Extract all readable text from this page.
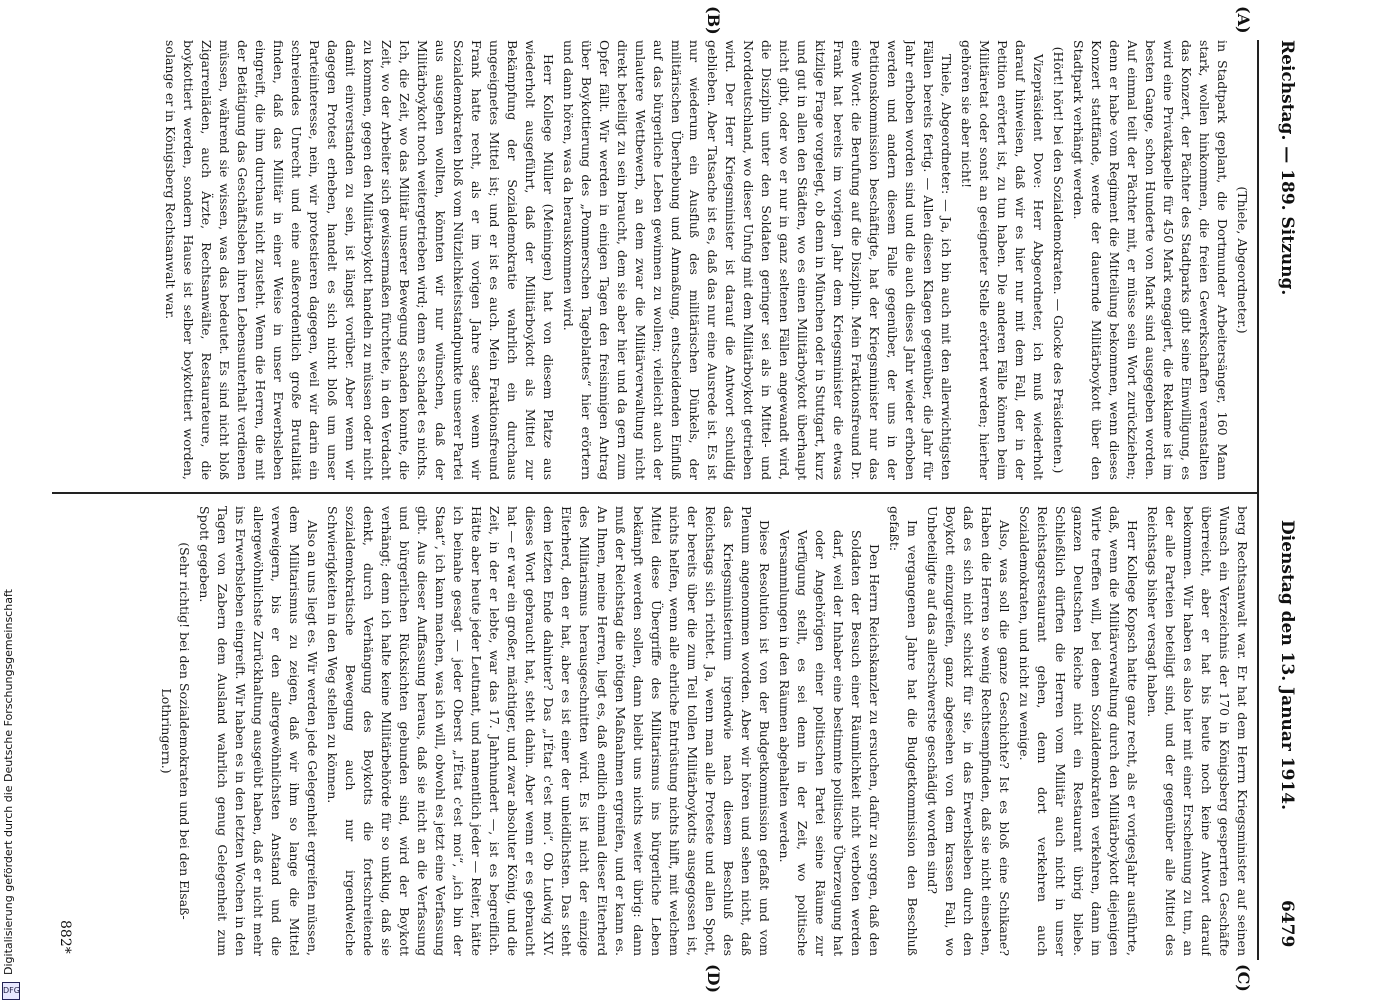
Reichstag. — 189. Sitzung.
Dienstag den 13. Januar 1914.
6479
(A)
(B)
(C)
(D)

(Thiele, Abgeordneter.)

in Stadtpark geplant, die Dortmunder Arbeitersänger, 160 Mann stark, wollen hinkommen, die freien Gewerkschaften veranstalten das Konzert, der Pächter des Stadtparks gibt seine Einwilligung, es wird eine Privatkapelle für 450 Mark engagiert, die Reklame ist im besten Gange, schon Hunderte von Mark sind ausgegeben worden. Auf einmal teilt der Pächter mit, er müsse sein Wort zurückziehen; denn er habe vom Regiment die Mitteilung bekommen, wenn dieses Konzert stattfände, werde der dauernde Militärboykott über den Stadtpark verhängt werden.

(Hört! hört! bei den Sozialdemokraten. — Glocke des Präsidenten.)

Vizepräsident Dove: Herr Abgeordneter, ich muß wiederholt darauf hinweisen, daß wir es hier nur mit dem Fall, der in der Petition erörtert ist, zu tun haben. Die anderen Fälle können beim Militäretat oder sonst an geeigneter Stelle erörtert werden; hierher gehören sie aber nicht!

Thiele, Abgeordneter: — Ja, ich bin auch mit den allerwichtigsten Fällen bereits fertig. — Allen diesen Klagen gegenüber, die Jahr für Jahr erhoben worden sind und die auch dieses Jahr wieder erhoben werden und andern diesem Falle gegenüber, der uns in der Petitionskommission beschäftigte, hat der Kriegsminister nur das eine Wort: die Berufung auf die Disziplin. Mein Fraktionsfreund Dr. Frank hat bereits im vorigen Jahr dem Kriegsminister die etwas kitzlige Frage vorgelegt, ob denn in München oder in Stuttgart, kurz und gut in allen den Städten, wo es einen Militärboykott überhaupt nicht gibt, oder wo er nur in ganz seltenen Fällen angewandt wird, die Disziplin unter den Soldaten geringer sei als in Mittel- und Norddeutschland, wo dieser Unfug mit dem Militärboykott getrieben wird. Der Herr Kriegsminister ist darauf die Antwort schuldig geblieben. Aber Tatsache ist es, daß das nur eine Ausrede ist. Es ist nur wiederum ein Ausfluß des militärischen Dünkels, der militärischen Überhebung und Anmaßung, entscheidenden Einfluß auf das bürgerliche Leben gewinnen zu wollen; vielleicht auch der unlautere Wettbewerb, an dem zwar die Militärverwaltung nicht direkt beteiligt zu sein braucht, dem sie aber hier und da gern zum Opfer fällt. Wir werden in einigen Tagen den freisinnigen Antrag über Boykottierung des „Pommerschen Tageblattes“ hier erörtern und dann hören, was da herauskommen wird.

Herr Kollege Müller (Meiningen) hat von diesem Platze aus wiederholt ausgeführt, daß der Militärboykott als Mittel zur Bekämpfung der Sozialdemokratie wahrlich ein durchaus ungeeignetes Mittel ist; und er ist es auch. Mein Fraktionsfreund Frank hatte recht, als er im vorigen Jahre sagte: wenn wir Sozialdemokraten bloß vom Nützlichkeitsstandpunkte unserer Partei aus ausgehen wollten, könnten wir nur wünschen, daß der Militärboykott noch weitergetrieben wird; denn es schadet es nichts. Ich, die Zeit, wo das Militär unserer Bewegung schaden konnte, die Zeit, wo der Arbeiter sich gewissermaßen fürchtete, in den Verdacht zu kommen, gegen den Militärboykott handeln zu müssen oder nicht damit einverstanden zu sein, ist längst vorüber. Aber wenn wir dagegen Protest erheben, handelt es sich nicht bloß um unser Parteiinteresse, nein, wir protestieren dagegen, weil wir darin ein schreiendes Unrecht und eine außerordentlich große Brutalität finden, daß das Militär in einer Weise in unser Erwerbsleben eingreift, die ihm durchaus nicht zusteht. Wenn die Herren, die mit der Betätigung das Geschäftsleben ihren Lebensunterhalt verdienen müssen, während sie wissen, was das bedeutet. Es sind nicht bloß Zigarrenläden, auch Ärzte, Rechtsanwälte, Restaurateure, die boykottiert werden, sondern Hause ist selber boykottiert worden, solange er in Königsberg Rechtsanwalt war.

berg Rechtsanwalt war. Er hat dem Herrn Kriegsminister auf seinen Wunsch ein Verzeichnis der 170 in Königsberg gesperrten Geschäfte überreicht, aber er hat bis heute noch keine Antwort darauf bekommen. Wir haben es also hier mit einer Erscheinung zu tun, an der alle Parteien beteiligt sind, und der gegenüber alle Mittel des Reichstags bisher versagt haben.

Herr Kollege Kopsch hatte ganz recht, als er vorigesJahr ausführte, daß, wenn die Militärverwaltung durch den Militärboykott diejenigen Wirte treffen will, bei denen Sozialdemokraten verkehren, dann im ganzen Deutschen Reiche nicht ein Restaurant übrig bliebe. Schließlich dürften die Herren vom Militär auch nicht in unser Reichstagsrestaurant gehen, denn dort verkehren auch Sozialdemokraten, und nicht zu wenige.

Also, was soll die ganze Geschichte? Ist es bloß eine Schikane? Haben die Herren so wenig Rechtsempfinden, daß sie nicht einsehen, daß es sich nicht schickt für sie, in das Erwerbsleben durch den Boykott einzugreifen, ganz abgesehen von dem krassen Fall, wo Unbeteiligte auf das allerschwerste geschädigt worden sind?

Im vergangenen Jahre hat die Budgetkommission den Beschluß gefaßt:

Den Herrn Reichskanzler zu ersuchen, dafür zu sorgen, daß den Soldaten der Besuch einer Räumlichkeit nicht verboten werden darf, weil der Inhaber eine bestimmte politische Überzeugung hat oder Angehörigen einer politischen Partei seine Räume zur Verfügung stellt, es sei denn in der Zeit, wo politische Versammlungen in den Räumen abgehalten werden.

Diese Resolution ist von der Budgetkommission gefaßt und vom Plenum angenommen worden. Aber wir hören und sehen nicht, daß das Kriegsministerium irgendwie nach diesem Beschluß des Reichstags sich richtet. Ja, wenn man alle Proteste und allen Spott, der bereits über die zum Teil tollen Militärboykotts ausgegossen ist, nichts helfen, wenn alle ehrliche Entrüstung nichts hilft, mit welchem Mittel diese Übergriffe des Militarismus ins bürgerliche Leben bekämpft werden sollen, dann bleibt uns nichts weiter übrig: dann muß der Reichstag die nötigen Maßnahmen ergreifen, und er kann es. An Ihnen, meine Herren, liegt es, daß endlich einmal dieser Eiterherd des Militarismus herausgeschnitten wird. Es ist nicht der einzige Eiterherd, den er hat, aber es ist einer der unleidlichsten. Das steht dem letzten Ende dahinter? Das „l'État c'est moi“. Ob Ludwig XIV. dieses Wort gebraucht hat, steht dahin. Aber wenn er es gebraucht hat — er war ein großer, mächtiger, und zwar absoluter König, und die Zeit, in der er lebte, war das 17. Jahrhundert —, ist es begreiflich. Hätte aber heute jeder Leutnant, und namentlich jeder — Reiter, hätte ich beinahe gesagt — jeder Oberst „l'État c'est moi“, „ich bin der Staat“, ich kann machen, was ich will, obwohl es jetzt eine Verfassung gibt. Aus dieser Auffassung heraus, daß sie nicht an die Verfassung und bürgerlichen Rücksichten gebunden sind, wird der Boykott verhängt; denn ich halte keine Militärbehörde für so unklug, daß sie denkt, durch Verhängung des Boykotts die fortschreitende sozialdemokratische Bewegung auch nur irgendwelche Schwierigkeiten in den Weg stellen zu können.

Also an uns liegt es. Wir werden jede Gelegenheit ergreifen müssen, dem Militarismus zu zeigen, daß wir ihm so lange die Mittel verweigern, bis er den allergewöhnlichsten Anstand und die allergewöhnlichste Zurückhaltung ausgeübt haben, daß er nicht mehr ins Erwerbsleben eingreift. Wir haben es in den letzten Wochen in den Tagen von Zabern dem Ausland wahrlich genug Gelegenheit zum Spott gegeben.

(Sehr richtig! bei den Sozialdemokraten und bei den Elsaß-Lothringern.)

882*
Digitalisierung gefördert durch die Deutsche Forschungsgemeinschaft
DFG
